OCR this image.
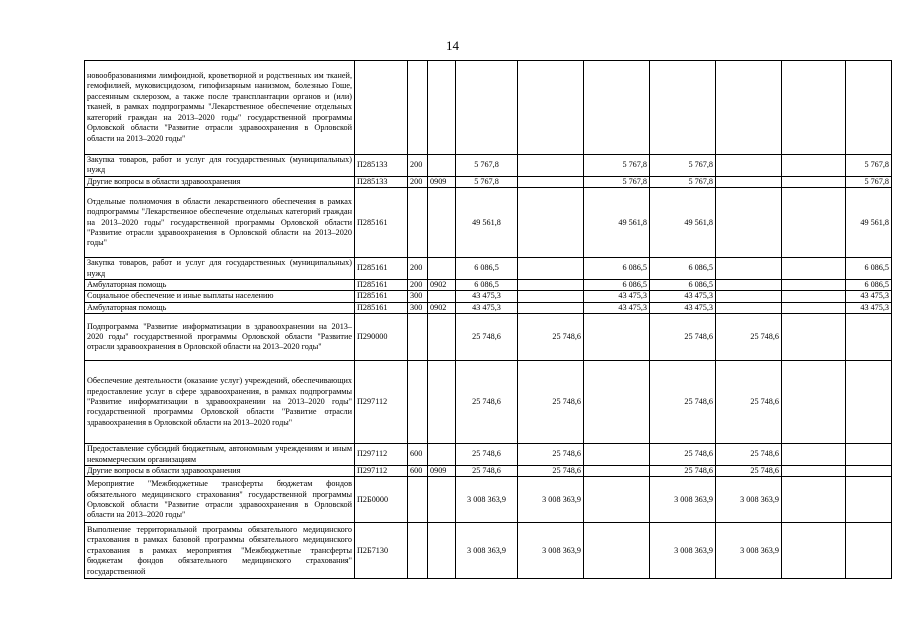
14
новообразованиями лимфоидной, кроветворной и родственных им тканей, гемофилией, муковисцидозом, гипофизарным нанизмом, болезнью Гоше, рассеянным склерозом, а также после трансплантации органов и (или) тканей, в рамках подпрограммы "Лекарственное обеспечение отдельных категорий граждан на 2013–2020 годы" государственной программы Орловской области "Развитие отрасли здравоохранения в Орловской области на 2013–2020 годы"										
Закупка товаров, работ и услуг для государственных (муниципальных) нужд	П285133	200		5 767,8		5 767,8	5 767,8			5 767,8
Другие вопросы в области здравоохранения	П285133	200	0909	5 767,8		5 767,8	5 767,8			5 767,8
Отдельные полномочия в области лекарственного обеспечения в рамках подпрограммы "Лекарственное обеспечение отдельных категорий граждан на 2013–2020 годы" государственной программы Орловской области "Развитие отрасли здравоохранения в Орловской области на 2013–2020 годы"	П285161			49 561,8		49 561,8	49 561,8			49 561,8
Закупка товаров, работ и услуг для государственных (муниципальных) нужд	П285161	200		6 086,5		6 086,5	6 086,5			6 086,5
Амбулаторная помощь	П285161	200	0902	6 086,5		6 086,5	6 086,5			6 086,5
Социальное обеспечение и иные выплаты населению	П285161	300		43 475,3		43 475,3	43 475,3			43 475,3
Амбулаторная помощь	П285161	300	0902	43 475,3		43 475,3	43 475,3			43 475,3
Подпрограмма "Развитие информатизации в здравоохранении на 2013–2020 годы" государственной программы Орловской области "Развитие отрасли здравоохранения в Орловской области на 2013–2020 годы"	П290000			25 748,6	25 748,6		25 748,6	25 748,6		
Обеспечение деятельности (оказание услуг) учреждений, обеспечивающих предоставление услуг в сфере здравоохранения, в рамках подпрограммы "Развитие информатизации в здравоохранении на 2013–2020 годы" государственной программы Орловской области "Развитие отрасли здравоохранения в Орловской области на 2013–2020 годы"	П297112			25 748,6	25 748,6		25 748,6	25 748,6		
Предоставление субсидий бюджетным, автономным учреждениям и иным некоммерческим организациям	П297112	600		25 748,6	25 748,6		25 748,6	25 748,6		
Другие вопросы в области здравоохранения	П297112	600	0909	25 748,6	25 748,6		25 748,6	25 748,6		
Мероприятие "Межбюджетные трансферты бюджетам фондов обязательного медицинского страхования" государственной программы Орловской области "Развитие отрасли здравоохранения в Орловской области на 2013–2020 годы"	П2Б0000			3 008 363,9	3 008 363,9		3 008 363,9	3 008 363,9		
Выполнение территориальной программы обязательного медицинского страхования в рамках базовой программы обязательного медицинского страхования в рамках мероприятия "Межбюджетные трансферты бюджетам фондов обязательного медицинского страхования" государственной	П2Б7130			3 008 363,9	3 008 363,9		3 008 363,9	3 008 363,9		
